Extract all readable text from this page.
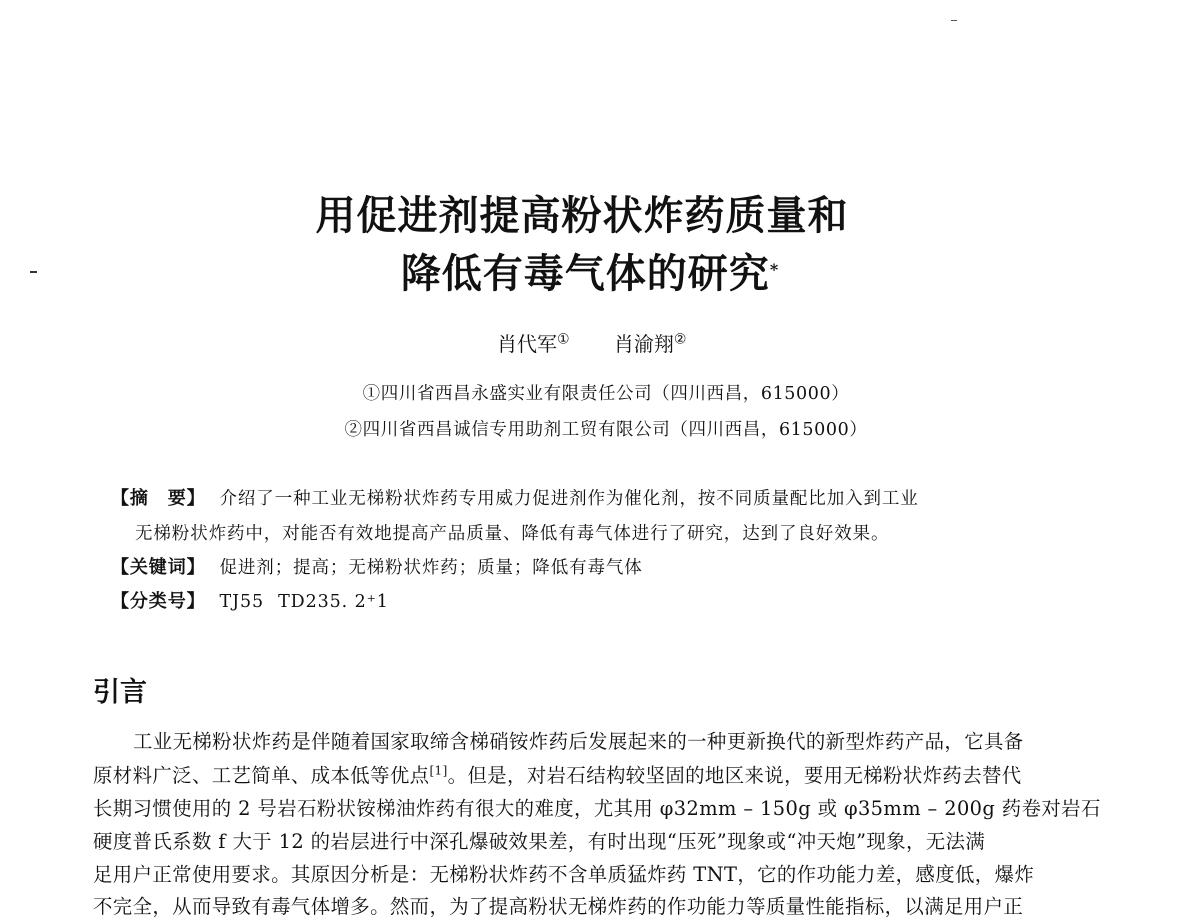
用促进剂提高粉状炸药质量和
降低有毒气体的研究*
肖代军① 肖渝翔②
①四川省西昌永盛实业有限责任公司（四川西昌，615000）
②四川省西昌诚信专用助剂工贸有限公司（四川西昌，615000）
【摘　要】 介绍了一种工业无梯粉状炸药专用威力促进剂作为催化剂，按不同质量配比加入到工业
无梯粉状炸药中，对能否有效地提高产品质量、降低有毒气体进行了研究，达到了良好效果。
【关键词】 促进剂；提高；无梯粉状炸药；质量；降低有毒气体
【分类号】 TJ55 TD235. 2⁺1
引言
工业无梯粉状炸药是伴随着国家取缔含梯硝铵炸药后发展起来的一种更新换代的新型炸药产品，它具备
原材料广泛、工艺简单、成本低等优点[1]。但是，对岩石结构较坚固的地区来说，要用无梯粉状炸药去替代
长期习惯使用的 2 号岩石粉状铵梯油炸药有很大的难度，尤其用 φ32mm – 150g 或 φ35mm – 200g 药卷对岩石
硬度普氏系数 f 大于 12 的岩层进行中深孔爆破效果差，有时出现“压死”现象或“冲天炮”现象，无法满
足用户正常使用要求。其原因分析是：无梯粉状炸药不含单质猛炸药 TNT，它的作功能力差，感度低，爆炸
不完全，从而导致有毒气体增多。然而，为了提高粉状无梯炸药的作功能力等质量性能指标，以满足用户正
